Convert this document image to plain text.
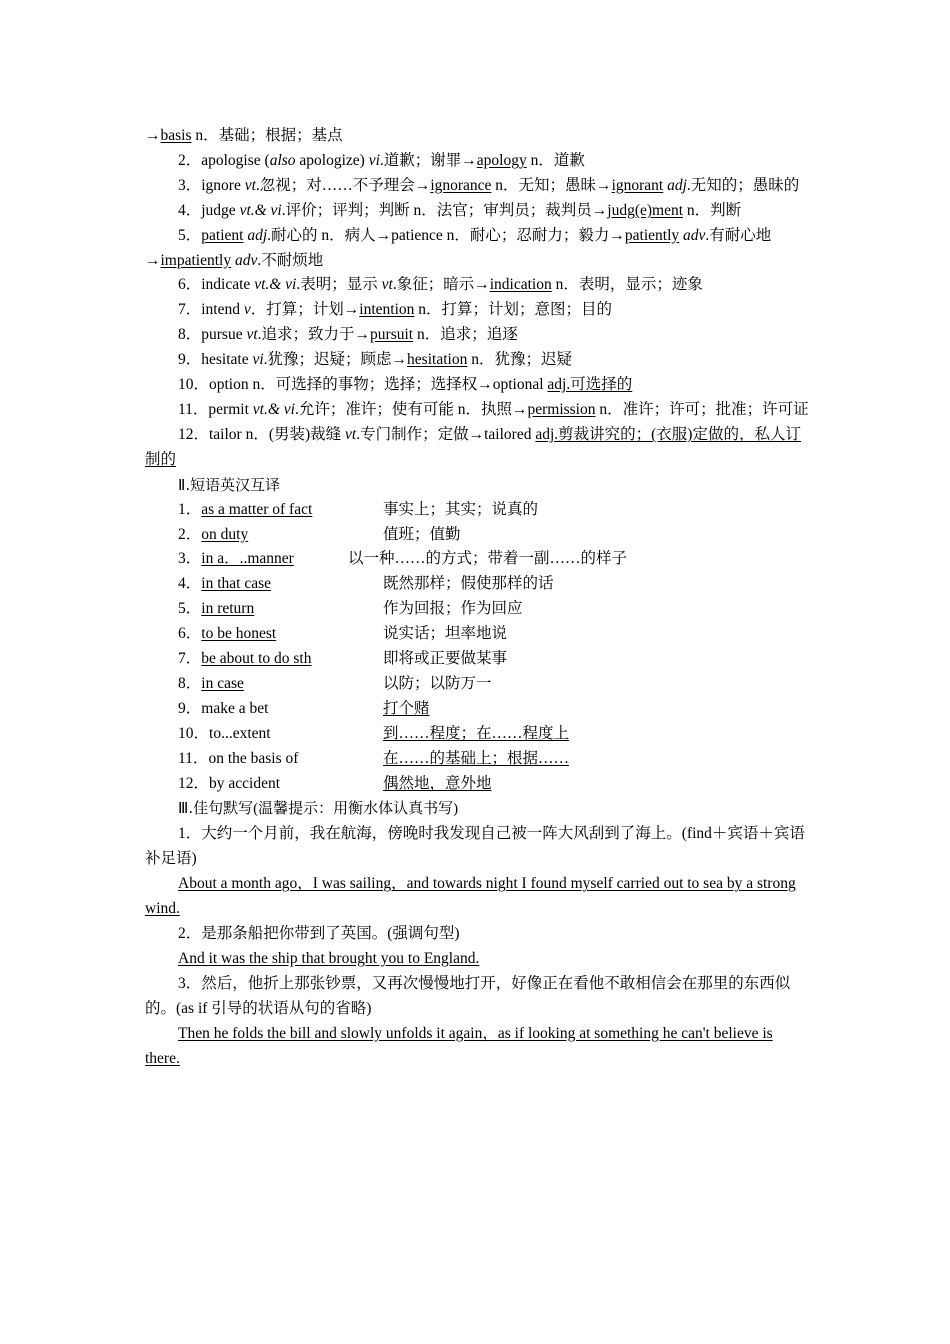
→basis n．基础；根据；基点

2．apologise (also apologize) vi.道歉；谢罪→apology n．道歉

3．ignore vt.忽视；对……不予理会→ignorance n．无知；愚昧→ignorant adj.无知的；愚昧的

4．judge vt.& vi.评价；评判；判断 n．法官；审判员；裁判员→judg(e)ment n．判断

5．patient adj.耐心的 n．病人→patience n．耐心；忍耐力；毅力→patiently adv.有耐心地→impatiently adv.不耐烦地

6．indicate vt.& vi.表明；显示 vt.象征；暗示→indication n．表明，显示；迹象

7．intend v．打算；计划→intention n．打算；计划；意图；目的

8．pursue vt.追求；致力于→pursuit n．追求；追逐

9．hesitate vi.犹豫；迟疑；顾虑→hesitation n．犹豫；迟疑

10．option n．可选择的事物；选择；选择权→optional adj.可选择的

11．permit vt.& vi.允许；准许；使有可能 n．执照→permission n．准许；许可；批准；许可证

12．tailor n．(男装)裁缝 vt.专门制作；定做→tailored adj.剪裁讲究的；(衣服)定做的，私人订制的

Ⅱ.短语英汉互译

1．as a matter of fact	事实上；其实；说真的
2．on duty	值班；值勤
3．in a．..manner	以一种……的方式；带着一副……的样子
4．in that case	既然那样；假使那样的话
5．in return	作为回报；作为回应
6．to be honest	说实话；坦率地说
7．be about to do sth	即将或正要做某事
8．in case	以防；以防万一
9．make a bet	打个赌
10．to...extent	到……程度；在……程度上
11．on the basis of	在……的基础上；根据……
12．by accident	偶然地，意外地

Ⅲ.佳句默写(温馨提示：用衡水体认真书写)

1．大约一个月前，我在航海，傍晚时我发现自己被一阵大风刮到了海上。(find＋宾语＋宾语补足语)

About a month ago，I was sailing，and towards night I found myself carried out to sea by a strong wind.

2．是那条船把你带到了英国。(强调句型)

And it was the ship that brought you to England.

3．然后，他折上那张钞票，又再次慢慢地打开，好像正在看他不敢相信会在那里的东西似的。(as if 引导的状语从句的省略)

Then he folds the bill and slowly unfolds it again，as if looking at something he can't believe is there.
